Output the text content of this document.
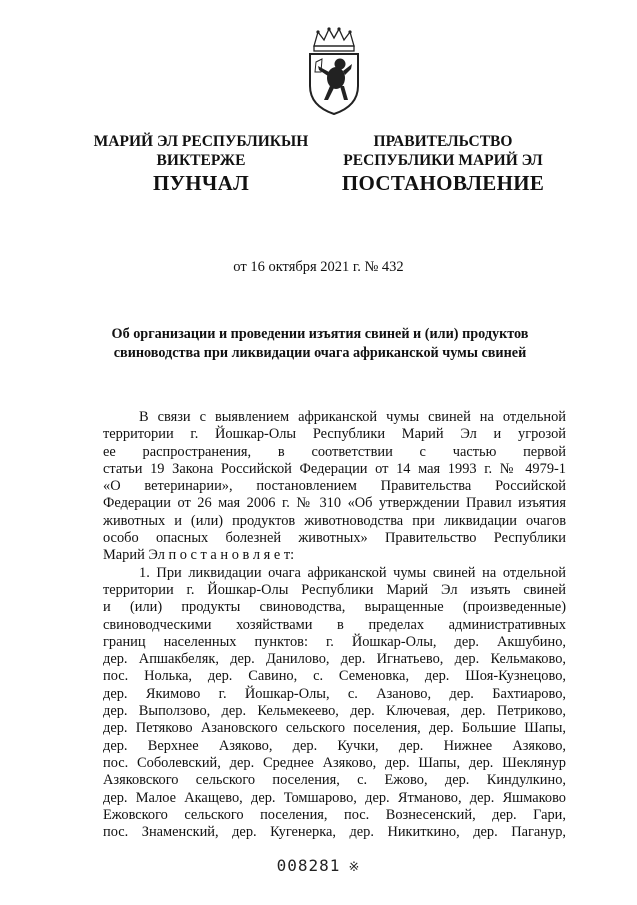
МАРИЙ ЭЛ РЕСПУБЛИКЫН
ВИКТЕРЖЕ
ПУНЧАЛ
ПРАВИТЕЛЬСТВО
РЕСПУБЛИКИ МАРИЙ ЭЛ
ПОСТАНОВЛЕНИЕ
от 16 октября 2021 г. № 432
Об организации и проведении изъятия свиней и (или) продуктов
свиноводства при ликвидации очага африканской чумы свиней
В связи с выявлением африканской чумы свиней на отдельной
территории г. Йошкар-Олы Республики Марий Эл и угрозой
ее распространения, в соответствии с частью первой
статьи 19 Закона Российской Федерации от 14 мая 1993 г. № 4979-1
«О ветеринарии», постановлением Правительства Российской
Федерации от 26 мая 2006 г. № 310 «Об утверждении Правил изъятия
животных и (или) продуктов животноводства при ликвидации очагов
особо опасных болезней животных» Правительство Республики
Марий Эл п о с т а н о в л я е т:
1. При ликвидации очага африканской чумы свиней на отдельной
территории г. Йошкар-Олы Республики Марий Эл изъять свиней
и (или) продукты свиноводства, выращенные (произведенные)
свиноводческими хозяйствами в пределах административных
границ населенных пунктов: г. Йошкар-Олы, дер. Акшубино,
дер. Апшакбеляк, дер. Данилово, дер. Игнатьево, дер. Кельмаково,
пос. Нолька, дер. Савино, с. Семеновка, дер. Шоя-Кузнецово,
дер. Якимово г. Йошкар-Олы, с. Азаново, дер. Бахтиарово,
дер. Выползово, дер. Кельмекеево, дер. Ключевая, дер. Петриково,
дер. Петяково Азановского сельского поселения, дер. Большие Шапы,
дер. Верхнее Азяково, дер. Кучки, дер. Нижнее Азяково,
пос. Соболевский, дер. Среднее Азяково, дер. Шапы, дер. Шеклянур
Азяковского сельского поселения, с. Ежово, дер. Киндулкино,
дер. Малое Акащево, дер. Томшарово, дер. Ятманово, дер. Яшмаково
Ежовского сельского поселения, пос. Вознесенский, дер. Гари,
пос. Знаменский, дер. Кугенерка, дер. Никиткино, дер. Паганур,
008281 ※
